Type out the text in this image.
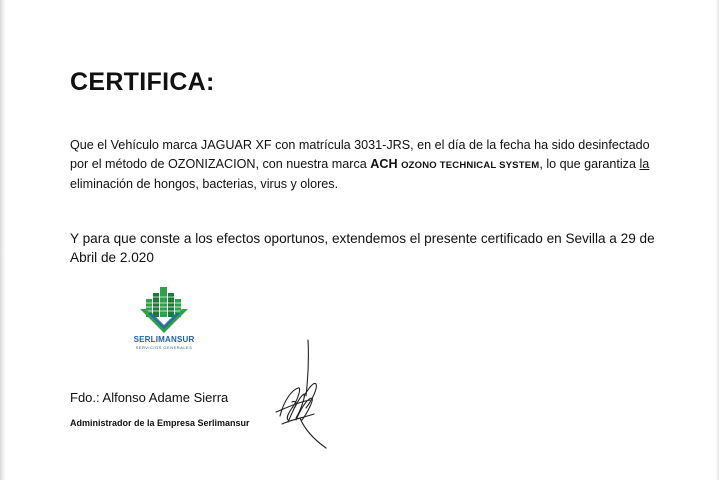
CERTIFICA:

Que el Vehículo marca JAGUAR XF con matrícula 3031-JRS, en el día de la fecha ha sido desinfectado por el método de OZONIZACION, con nuestra marca ACH OZONO TECHNICAL SYSTEM, lo que garantiza la eliminación de hongos, bacterias, virus y olores.

Y para que conste a los efectos oportunos, extendemos el presente certificado en Sevilla a 29 de Abril de 2.020

SERLIMANSUR
SERVICIOS GENERALES

Fdo.: Alfonso Adame Sierra

Administrador de la Empresa Serlimansur
